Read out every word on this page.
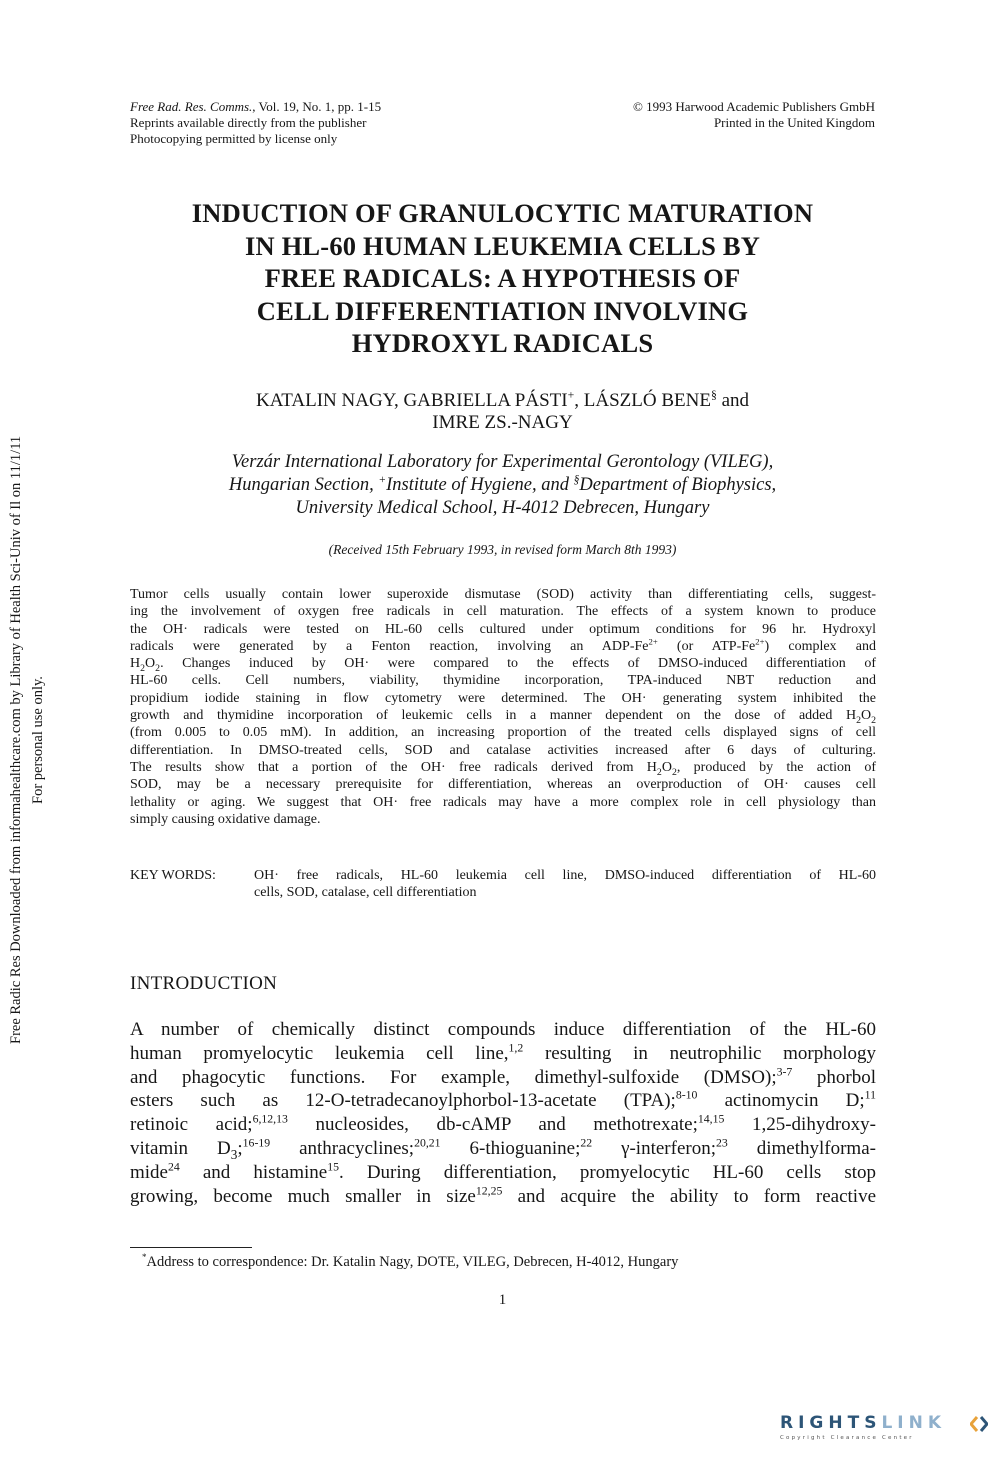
Free Radic Res Downloaded from informahealthcare.com by Library of Health Sci-Univ of Il on 11/1/11 For personal use only.
Free Rad. Res. Comms., Vol. 19, No. 1, pp. 1-15
Reprints available directly from the publisher
Photocopying permitted by license only
© 1993 Harwood Academic Publishers GmbH
Printed in the United Kingdom
INDUCTION OF GRANULOCYTIC MATURATION
IN HL-60 HUMAN LEUKEMIA CELLS BY
FREE RADICALS: A HYPOTHESIS OF
CELL DIFFERENTIATION INVOLVING
HYDROXYL RADICALS
KATALIN NAGY, GABRIELLA PÁSTI+, LÁSZLÓ BENE§ and
IMRE ZS.-NAGY
Verzár International Laboratory for Experimental Gerontology (VILEG),
Hungarian Section, +Institute of Hygiene, and §Department of Biophysics,
University Medical School, H-4012 Debrecen, Hungary
(Received 15th February 1993, in revised form March 8th 1993)
Tumor cells usually contain lower superoxide dismutase (SOD) activity than differentiating cells, suggest-
ing the involvement of oxygen free radicals in cell maturation. The effects of a system known to produce
the OH· radicals were tested on HL-60 cells cultured under optimum conditions for 96 hr. Hydroxyl
radicals were generated by a Fenton reaction, involving an ADP-$Fe^{2+}$ (or ATP-$Fe^{2+}$) complex and
$H_2O_2$. Changes induced by OH· were compared to the effects of DMSO-induced differentiation of
HL-60 cells. Cell numbers, viability, thymidine incorporation, TPA-induced NBT reduction and
propidium iodide staining in flow cytometry were determined. The OH· generating system inhibited the
growth and thymidine incorporation of leukemic cells in a manner dependent on the dose of added $H_2O_2$
(from 0.005 to 0.05 mM). In addition, an increasing proportion of the treated cells displayed signs of cell
differentiation. In DMSO-treated cells, SOD and catalase activities increased after 6 days of culturing.
The results show that a portion of the OH· free radicals derived from $H_2O_2$, produced by the action of
SOD, may be a necessary prerequisite for differentiation, whereas an overproduction of OH· causes cell
lethality or aging. We suggest that OH· free radicals may have a more complex role in cell physiology than
simply causing oxidative damage.
KEY WORDS:	OH· free radicals, HL-60 leukemia cell line, DMSO-induced differentiation of HL-60
cells, SOD, catalase, cell differentiation
INTRODUCTION
A number of chemically distinct compounds induce differentiation of the HL-60
human promyelocytic leukemia cell line,$^{1,2}$ resulting in neutrophilic morphology
and phagocytic functions. For example, dimethyl-sulfoxide (DMSO);$^{3-7}$ phorbol
esters such as 12-O-tetradecanoylphorbol-13-acetate (TPA);$^{8-10}$ actinomycin D;$^{11}$
retinoic acid;$^{6,12,13}$ nucleosides, db-cAMP and methotrexate;$^{14,15}$ 1,25-dihydroxy-
vitamin $D_3;^{16-19}$ anthracyclines;$^{20,21}$ 6-thioguanine;$^{22}$ γ-interferon;$^{23}$ dimethylforma-
mide$^{24}$ and histamine$^{15}$. During differentiation, promyelocytic HL-60 cells stop
growing, become much smaller in size$^{12,25}$ and acquire the ability to form reactive
*Address to correspondence: Dr. Katalin Nagy, DOTE, VILEG, Debrecen, H-4012, Hungary
1
RIGHTSLINK
Copyright Clearance Center
